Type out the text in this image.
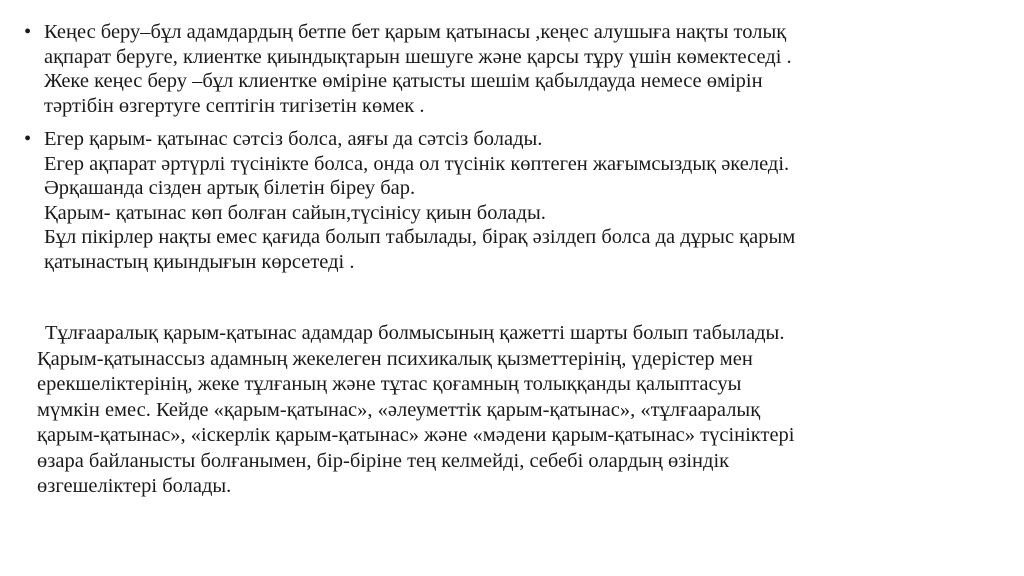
• Кеңес беру–бұл адамдардың бетпе бет қарым қатынасы ,кеңес алушыға нақты толық
ақпарат беруге, клиентке қиындықтарын шешуге және қарсы тұру үшін көмектеседі .
Жеке кеңес беру –бұл клиентке өміріне қатысты шешім қабылдауда немесе өмірін
тәртібін өзгертуге септігін тигізетін көмек .
• Егер қарым- қатынас сәтсіз болса, аяғы да сәтсіз болады.
Егер ақпарат әртүрлі түсінікте болса, онда ол түсінік көптеген жағымсыздық әкеледі.
Әрқашанда сізден артық білетін біреу бар.
Қарым- қатынас көп болған сайын,түсінісу қиын болады.
Бұл пікірлер нақты емес қағида болып табылады, бірақ әзілдеп болса да дұрыс қарым
қатынастың қиындығын көрсетеді .
Тұлғааралық қарым-қатынас адамдар болмысының қажетті шарты болып табылады.
Қарым-қатынассыз адамның жекелеген психикалық қызметтерінің, үдерістер мен
ерекшеліктерінің, жеке тұлғаның және тұтас қоғамның толыққанды қалыптасуы
мүмкін емес. Кейде «қарым-қатынас», «әлеуметтік қарым-қатынас», «тұлғааралық
қарым-қатынас», «іскерлік қарым-қатынас» және «мәдени қарым-қатынас» түсініктері
өзара байланысты болғанымен, бір-біріне тең келмейді, себебі олардың өзіндік
өзгешеліктері болады.
